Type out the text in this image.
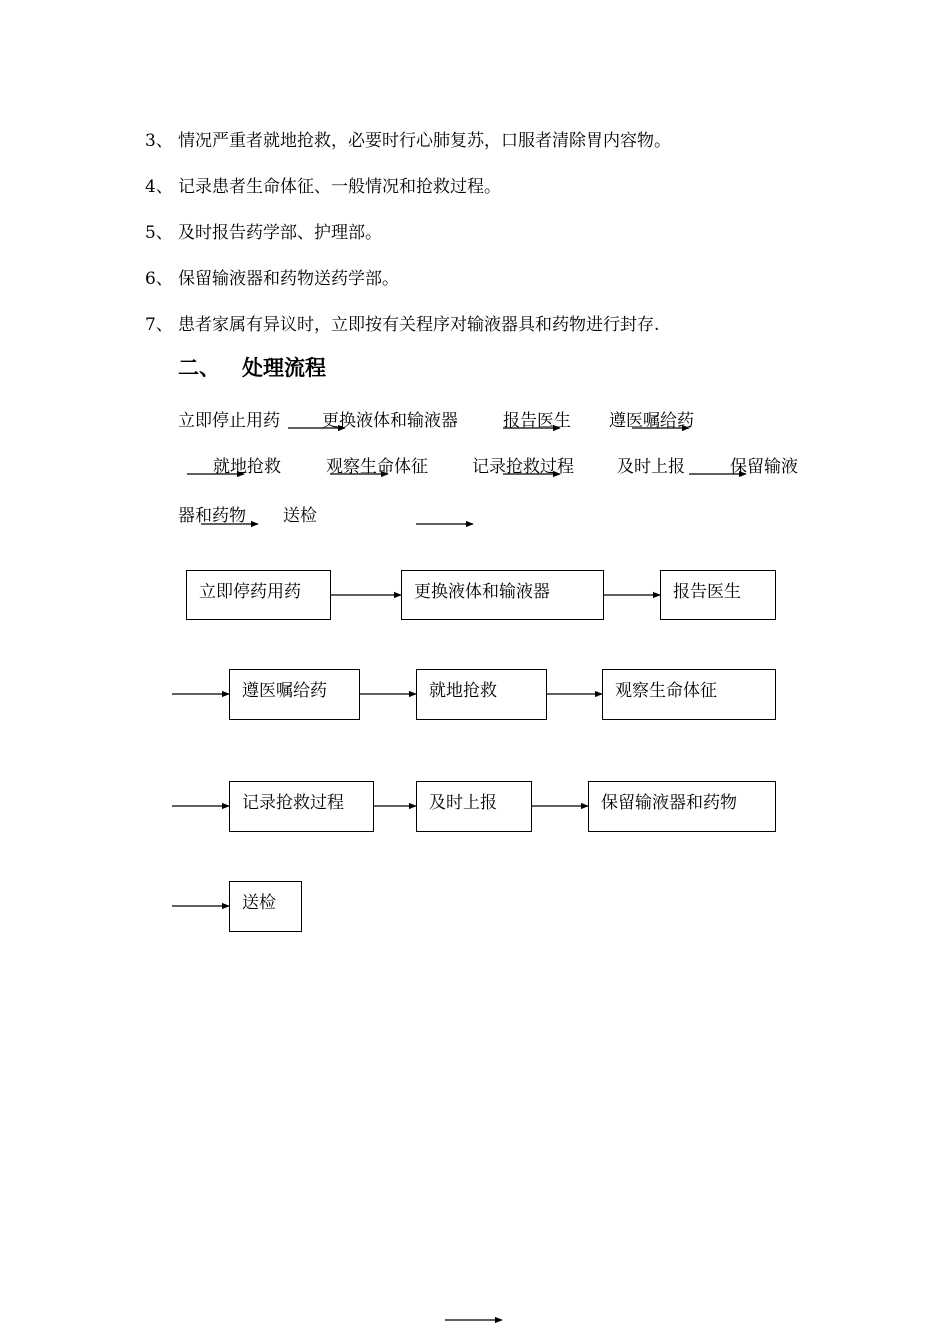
3、 情况严重者就地抢救，必要时行心肺复苏，口服者清除胃内容物。
4、 记录患者生命体征、一般情况和抢救过程。
5、 及时报告药学部、护理部。
6、 保留输液器和药物送药学部。
7、 患者家属有异议时，立即按有关程序对输液器具和药物进行封存.
二、 处理流程
立即停止用药 更换液体和输液器	报告医生 遵医嘱给药
就地抢救	观察生命体征	记录抢救过程	及时上报	保留输液
器和药物 送检
立即停药用药	更换液体和输液器	报告医生
遵医嘱给药	就地抢救	观察生命体征
记录抢救过程	及时上报	保留输液器和药物
送检
